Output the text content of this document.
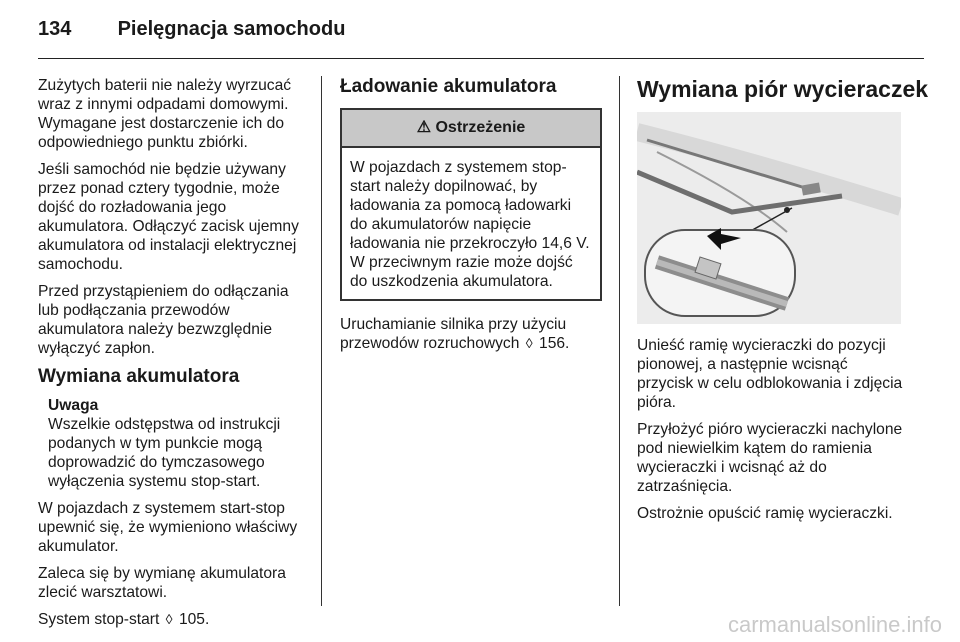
134 Pielęgnacja samochodu

Zużytych baterii nie należy wyrzucać wraz z innymi odpadami domowymi. Wymagane jest dostarczenie ich do odpowiedniego punktu zbiórki.

Jeśli samochód nie będzie używany przez ponad cztery tygodnie, może dojść do rozładowania jego akumulatora. Odłączyć zacisk ujemny akumulatora od instalacji elektrycznej samochodu.

Przed przystąpieniem do odłączania lub podłączania przewodów akumulatora należy bezwzględnie wyłączyć zapłon.

Wymiana akumulatora
Uwaga
Wszelkie odstępstwa od instrukcji podanych w tym punkcie mogą doprowadzić do tymczasowego wyłączenia systemu stop-start.

W pojazdach z systemem start-stop upewnić się, że wymieniono właściwy akumulator.

Zaleca się by wymianę akumulatora zlecić warsztatowi.

System stop-start ◊ 105.

Ładowanie akumulatora
⚠ Ostrzeżenie
W pojazdach z systemem stop-start należy dopilnować, by ładowania za pomocą ładowarki do akumulatorów napięcie ładowania nie przekroczyło 14,6 V. W przeciwnym razie może dojść do uszkodzenia akumulatora.

Uruchamianie silnika przy użyciu przewodów rozruchowych ◊ 156.

Wymiana piór wycieraczek

Unieść ramię wycieraczki do pozycji pionowej, a następnie wcisnąć przycisk w celu odblokowania i zdjęcia pióra.

Przyłożyć pióro wycieraczki nachylone pod niewielkim kątem do ramienia wycieraczki i wcisnąć aż do zatrzaśnięcia.

Ostrożnie opuścić ramię wycieraczki.

carmanualsonline.info
